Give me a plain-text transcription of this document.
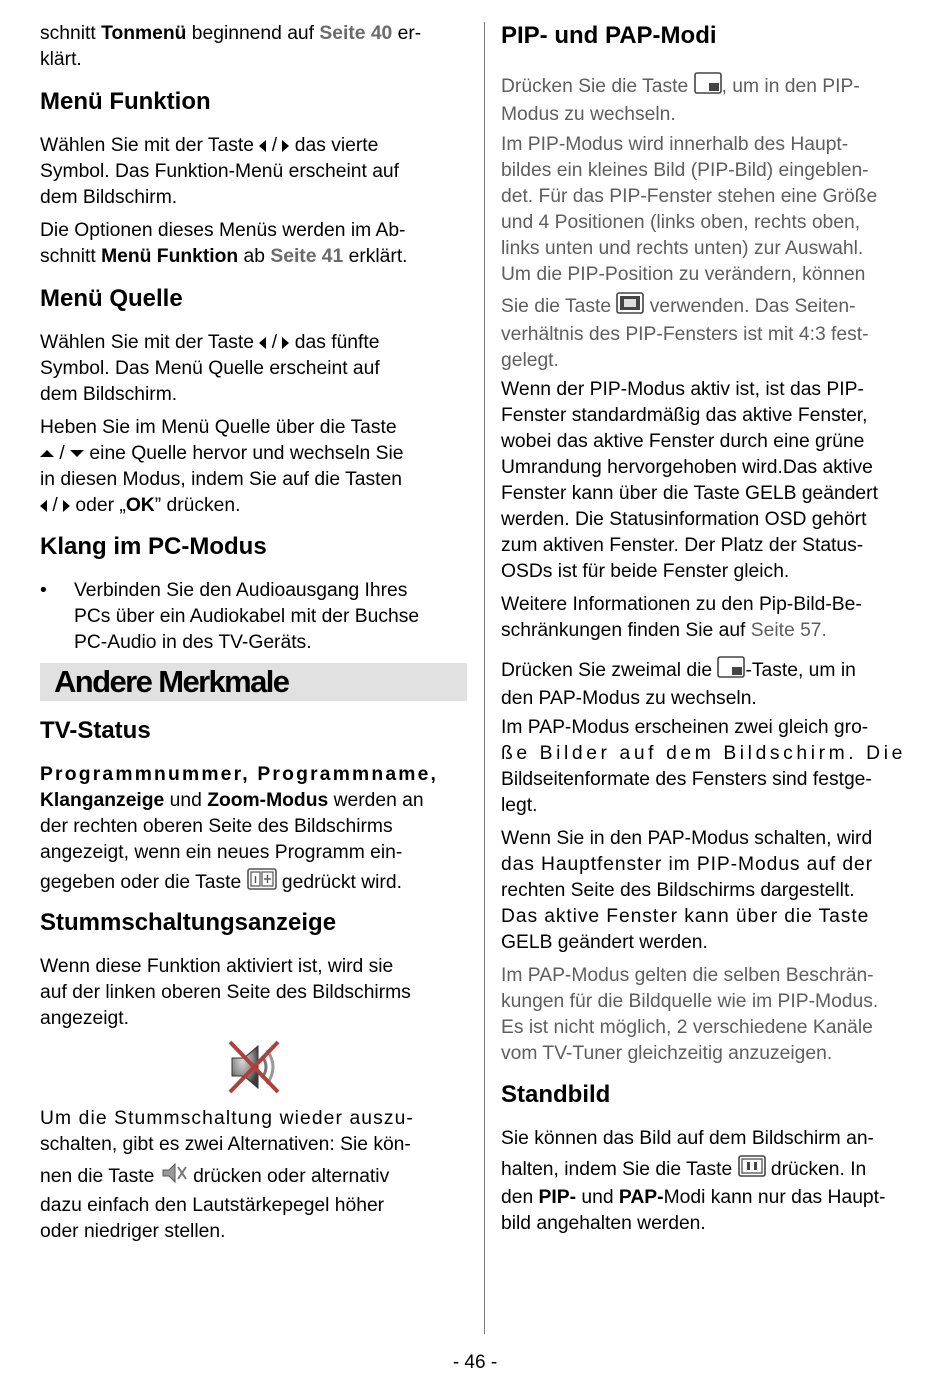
schnitt Tonmenü beginnend auf Seite 40 er-

klärt.

Menü Funktion

Wählen Sie mit der Taste  /  das vierte

Symbol. Das Funktion-Menü erscheint auf

dem Bildschirm.

Die Optionen dieses Menüs werden im Ab-

schnitt Menü Funktion ab Seite 41 erklärt.

Menü Quelle

Wählen Sie mit der Taste  /  das fünfte

Symbol. Das Menü Quelle erscheint auf

dem Bildschirm.

Heben Sie im Menü Quelle über die Taste

/  eine Quelle hervor und wechseln Sie

in diesen Modus, indem Sie auf die Tasten

/  oder „OK” drücken.

Klang im PC-Modus
• Verbinden Sie den Audioausgang Ihres

PCs über ein Audiokabel mit der Buchse

PC-Audio in des TV-Geräts.

Andere Merkmale
TV-Status

Programmnummer, Programmname,

Klanganzeige und Zoom-Modus werden an

der rechten oberen Seite des Bildschirms

angezeigt, wenn ein neues Programm ein-

gegeben oder die Taste  gedrückt wird.

Stummschaltungsanzeige

Wenn diese Funktion aktiviert ist, wird sie

auf der linken oberen Seite des Bildschirms

angezeigt.

Um die Stummschaltung wieder auszu-

schalten, gibt es zwei Alternativen: Sie kön-

nen die Taste  drücken oder alternativ

dazu einfach den Lautstärkepegel höher

oder niedriger stellen.

PIP- und PAP-Modi

Drücken Sie die Taste , um in den PIP-

Modus zu wechseln.

Im PIP-Modus wird innerhalb des Haupt-

bildes ein kleines Bild (PIP-Bild) eingeblen-

det. Für das PIP-Fenster stehen eine Größe

und 4 Positionen (links oben, rechts oben,

links unten und rechts unten) zur Auswahl.

Um die PIP-Position zu verändern, können

Sie die Taste  verwenden. Das Seiten-

verhältnis des PIP-Fensters ist mit 4:3 fest-

gelegt.

Wenn der PIP-Modus aktiv ist, ist das PIP-

Fenster standardmäßig das aktive Fenster,

wobei das aktive Fenster durch eine grüne

Umrandung hervorgehoben wird.Das aktive

Fenster kann über die Taste GELB geändert

werden. Die Statusinformation OSD gehört

zum aktiven Fenster. Der Platz der Status-

OSDs ist für beide Fenster gleich.

Weitere Informationen zu den Pip-Bild-Be-

schränkungen finden Sie auf Seite 57.

Drücken Sie zweimal die -Taste, um in

den PAP-Modus zu wechseln.

Im PAP-Modus erscheinen zwei gleich gro-

ße Bilder auf dem Bildschirm. Die

Bildseitenformate des Fensters sind festge-

legt.

Wenn Sie in den PAP-Modus schalten, wird

das Hauptfenster im PIP-Modus auf der

rechten Seite des Bildschirms dargestellt.

Das aktive Fenster kann über die Taste

GELB geändert werden.

Im PAP-Modus gelten die selben Beschrän-

kungen für die Bildquelle wie im PIP-Modus.

Es ist nicht möglich, 2 verschiedene Kanäle

vom TV-Tuner gleichzeitig anzuzeigen.

Standbild

Sie können das Bild auf dem Bildschirm an-

halten, indem Sie die Taste  drücken. In

den PIP- und PAP-Modi kann nur das Haupt-

bild angehalten werden.

- 46 -
